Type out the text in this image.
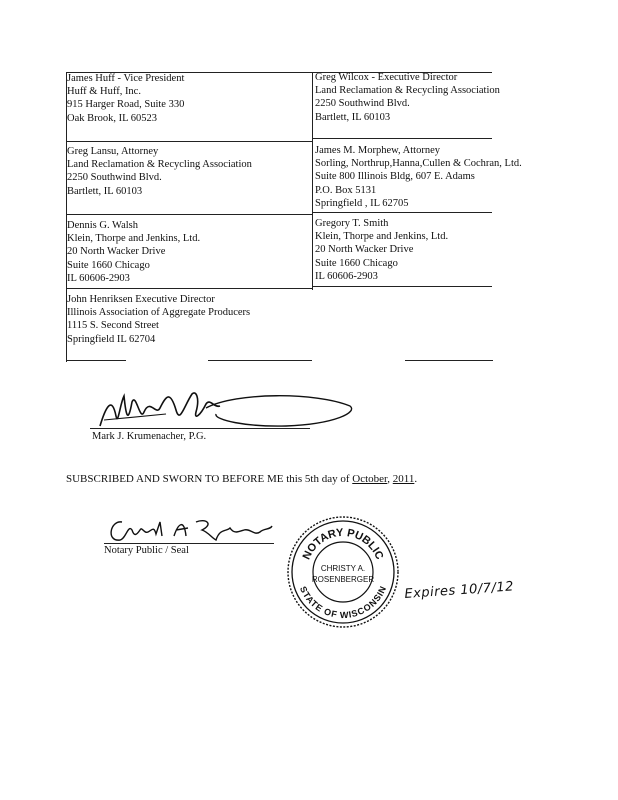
James Huff - Vice President
Huff & Huff, Inc.
915 Harger Road, Suite 330
Oak Brook, IL 60523
Greg Wilcox - Executive Director
Land Reclamation & Recycling Association
2250 Southwind Blvd.
Bartlett, IL 60103
Greg Lansu, Attorney
Land Reclamation & Recycling Association
2250 Southwind Blvd.
Bartlett, IL 60103
James M. Morphew, Attorney
Sorling, Northrup,Hanna,Cullen & Cochran, Ltd.
Suite 800 Illinois Bldg, 607 E. Adams
P.O. Box 5131
Springfield , IL 62705
Dennis G. Walsh
Klein, Thorpe and Jenkins, Ltd.
20 North Wacker Drive
Suite 1660 Chicago
IL 60606-2903
Gregory T. Smith
Klein, Thorpe and Jenkins, Ltd.
20 North Wacker Drive
Suite 1660 Chicago
IL 60606-2903
John Henriksen Executive Director
Illinois Association of Aggregate Producers
1115 S. Second Street
Springfield IL 62704
Mark J. Krumenacher, P.G.
SUBSCRIBED AND SWORN TO BEFORE ME this 5th day of October, 2011.
Notary Public / Seal	NOTARY PUBLIC
STATE OF WISCONSIN
CHRISTY A.
ROSENBERGER Expires 10/7/12
